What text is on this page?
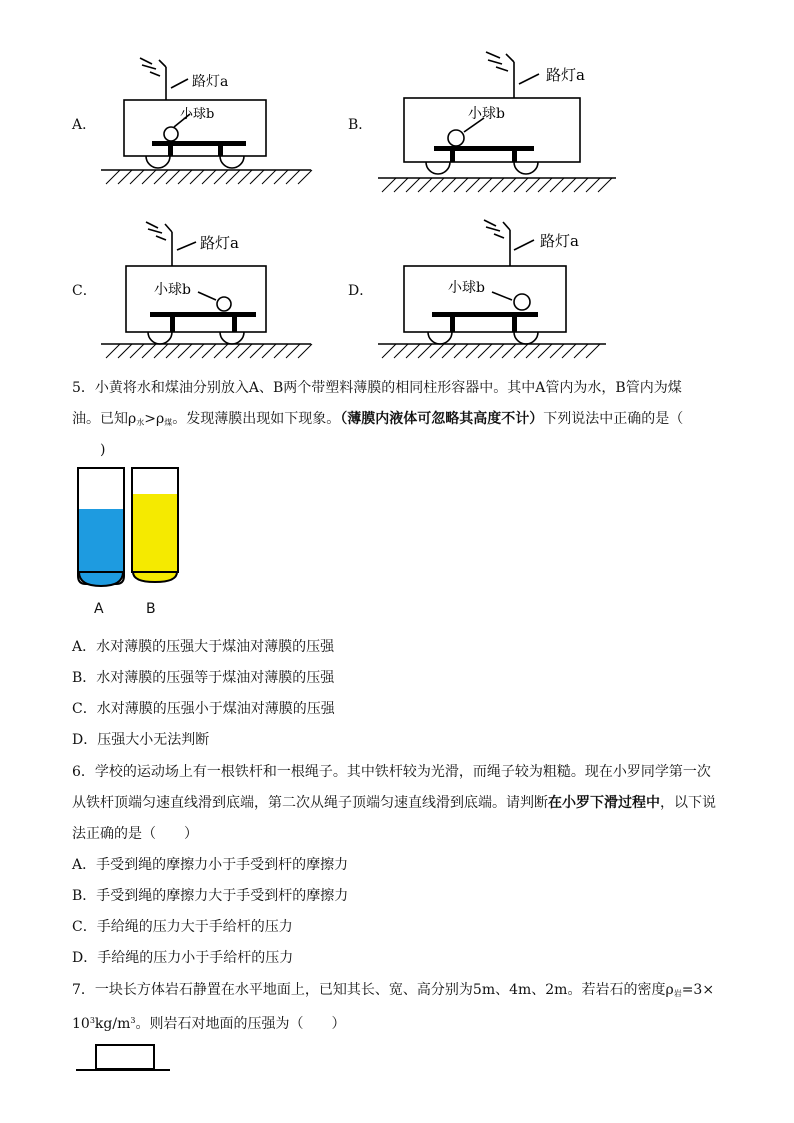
A．	B．
C．	D．
路灯a
小球b
路灯a
小球b
路灯a
小球b
路灯a
小球b
5．小黄将水和煤油分别放入A、B两个带塑料薄膜的相同柱形容器中。其中A管内为水，B管内为煤
油。已知$\rho_水>\rho_煤$。发现薄膜出现如下现象。（薄膜内液体可忽略其高度不计）下列说法中正确的是（
)
A	B
A．水对薄膜的压强大于煤油对薄膜的压强
B．水对薄膜的压强等于煤油对薄膜的压强
C．水对薄膜的压强小于煤油对薄膜的压强
D．压强大小无法判断
6．学校的运动场上有一根铁杆和一根绳子。其中铁杆较为光滑，而绳子较为粗糙。现在小罗同学第一次
从铁杆顶端匀速直线滑到底端，第二次从绳子顶端匀速直线滑到底端。请判断在小罗下滑过程中，以下说
法正确的是（　　）
A．手受到绳的摩擦力小于手受到杆的摩擦力
B．手受到绳的摩擦力大于手受到杆的摩擦力
C．手给绳的压力大于手给杆的压力
D．手给绳的压力小于手给杆的压力
7．一块长方体岩石静置在水平地面上，已知其长、宽、高分别为5m、4m、2m。若岩石的密度$\rho_岩=3\times$
$10^3kg/m^3$。则岩石对地面的压强为（　　）
